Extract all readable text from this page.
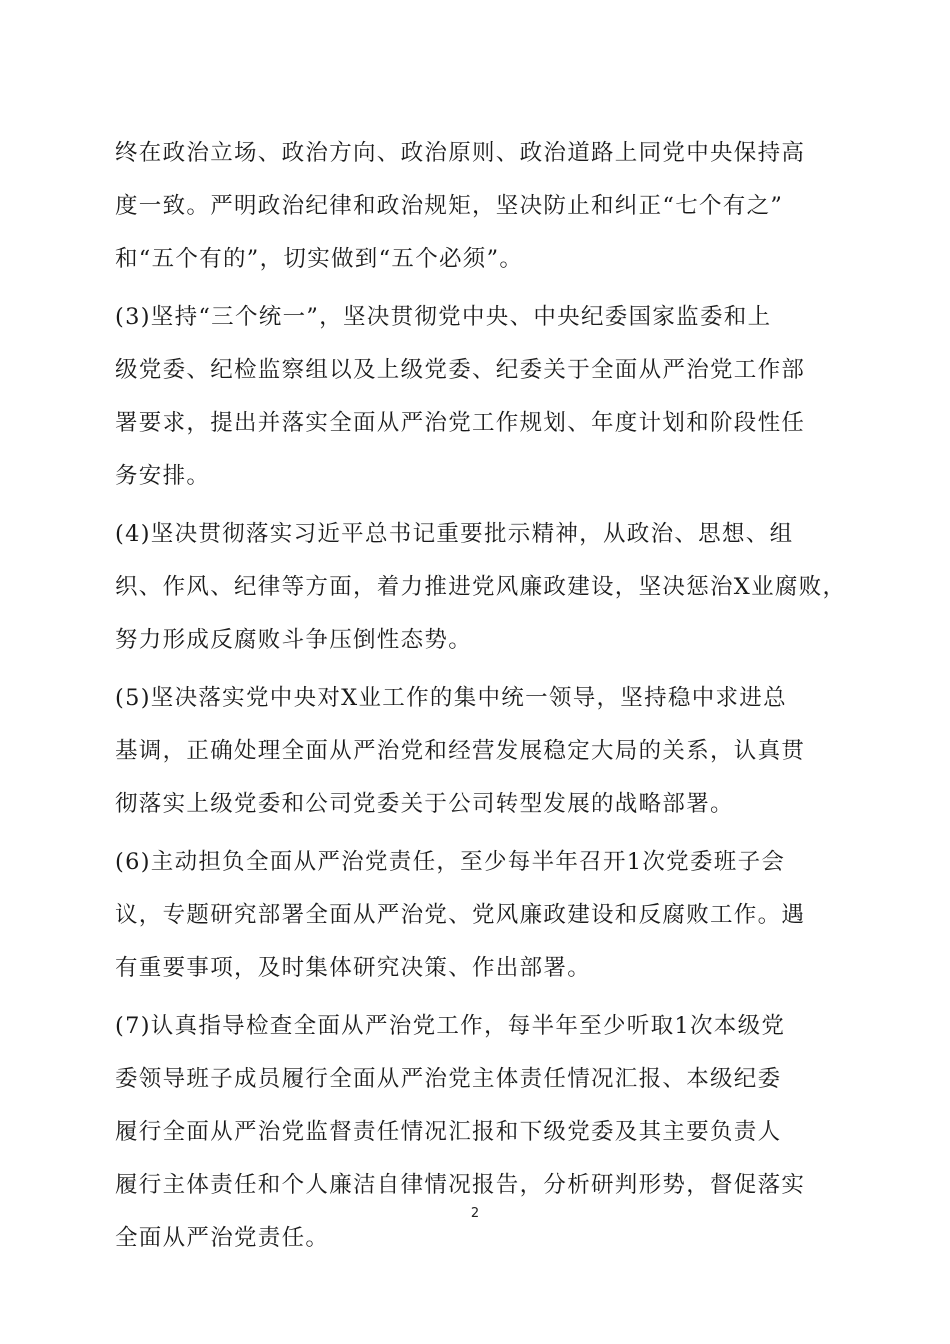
终在政治立场、政治方向、政治原则、政治道路上同党中央保持高
度一致。严明政治纪律和政治规矩，坚决防止和纠正“七个有之”
和“五个有的”，切实做到“五个必须”。

(3)坚持“三个统一”，坚决贯彻党中央、中央纪委国家监委和上
级党委、纪检监察组以及上级党委、纪委关于全面从严治党工作部
署要求，提出并落实全面从严治党工作规划、年度计划和阶段性任
务安排。

(4)坚决贯彻落实习近平总书记重要批示精神，从政治、思想、组
织、作风、纪律等方面，着力推进党风廉政建设，坚决惩治X业腐败，
努力形成反腐败斗争压倒性态势。

(5)坚决落实党中央对X业工作的集中统一领导，坚持稳中求进总
基调，正确处理全面从严治党和经营发展稳定大局的关系，认真贯
彻落实上级党委和公司党委关于公司转型发展的战略部署。

(6)主动担负全面从严治党责任，至少每半年召开1次党委班子会
议，专题研究部署全面从严治党、党风廉政建设和反腐败工作。遇
有重要事项，及时集体研究决策、作出部署。

(7)认真指导检查全面从严治党工作，每半年至少听取1次本级党
委领导班子成员履行全面从严治党主体责任情况汇报、本级纪委
履行全面从严治党监督责任情况汇报和下级党委及其主要负责人
履行主体责任和个人廉洁自律情况报告，分析研判形势，督促落实
全面从严治党责任。

2
